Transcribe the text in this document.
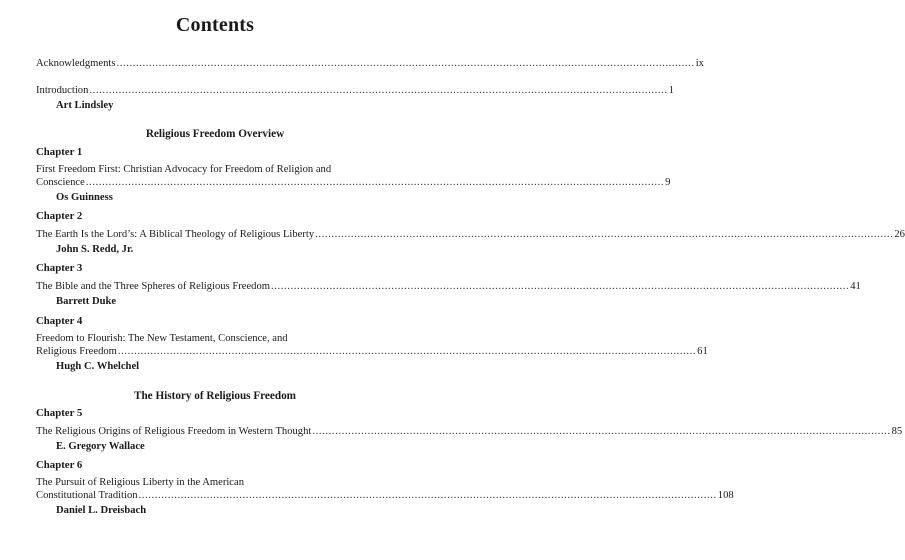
Contents
Acknowledgments .................................................................................................................................................................................. ix
Introduction .................................................................................................................................................................................. 1
Art Lindsley
Religious Freedom Overview
Chapter 1
First Freedom First: Christian Advocacy for Freedom of Religion and
Conscience .................................................................................................................................................................................. 9
Os Guinness
Chapter 2
The Earth Is the Lord’s: A Biblical Theology of Religious Liberty .................................................................................................................................................................................. 26
John S. Redd, Jr.
Chapter 3
The Bible and the Three Spheres of Religious Freedom .................................................................................................................................................................................. 41
Barrett Duke
Chapter 4
Freedom to Flourish: The New Testament, Conscience, and
Religious Freedom .................................................................................................................................................................................. 61
Hugh C. Whelchel
The History of Religious Freedom
Chapter 5
The Religious Origins of Religious Freedom in Western Thought .................................................................................................................................................................................. 85
E. Gregory Wallace
Chapter 6
The Pursuit of Religious Liberty in the American
Constitutional Tradition .................................................................................................................................................................................. 108
Daniel L. Dreisbach
